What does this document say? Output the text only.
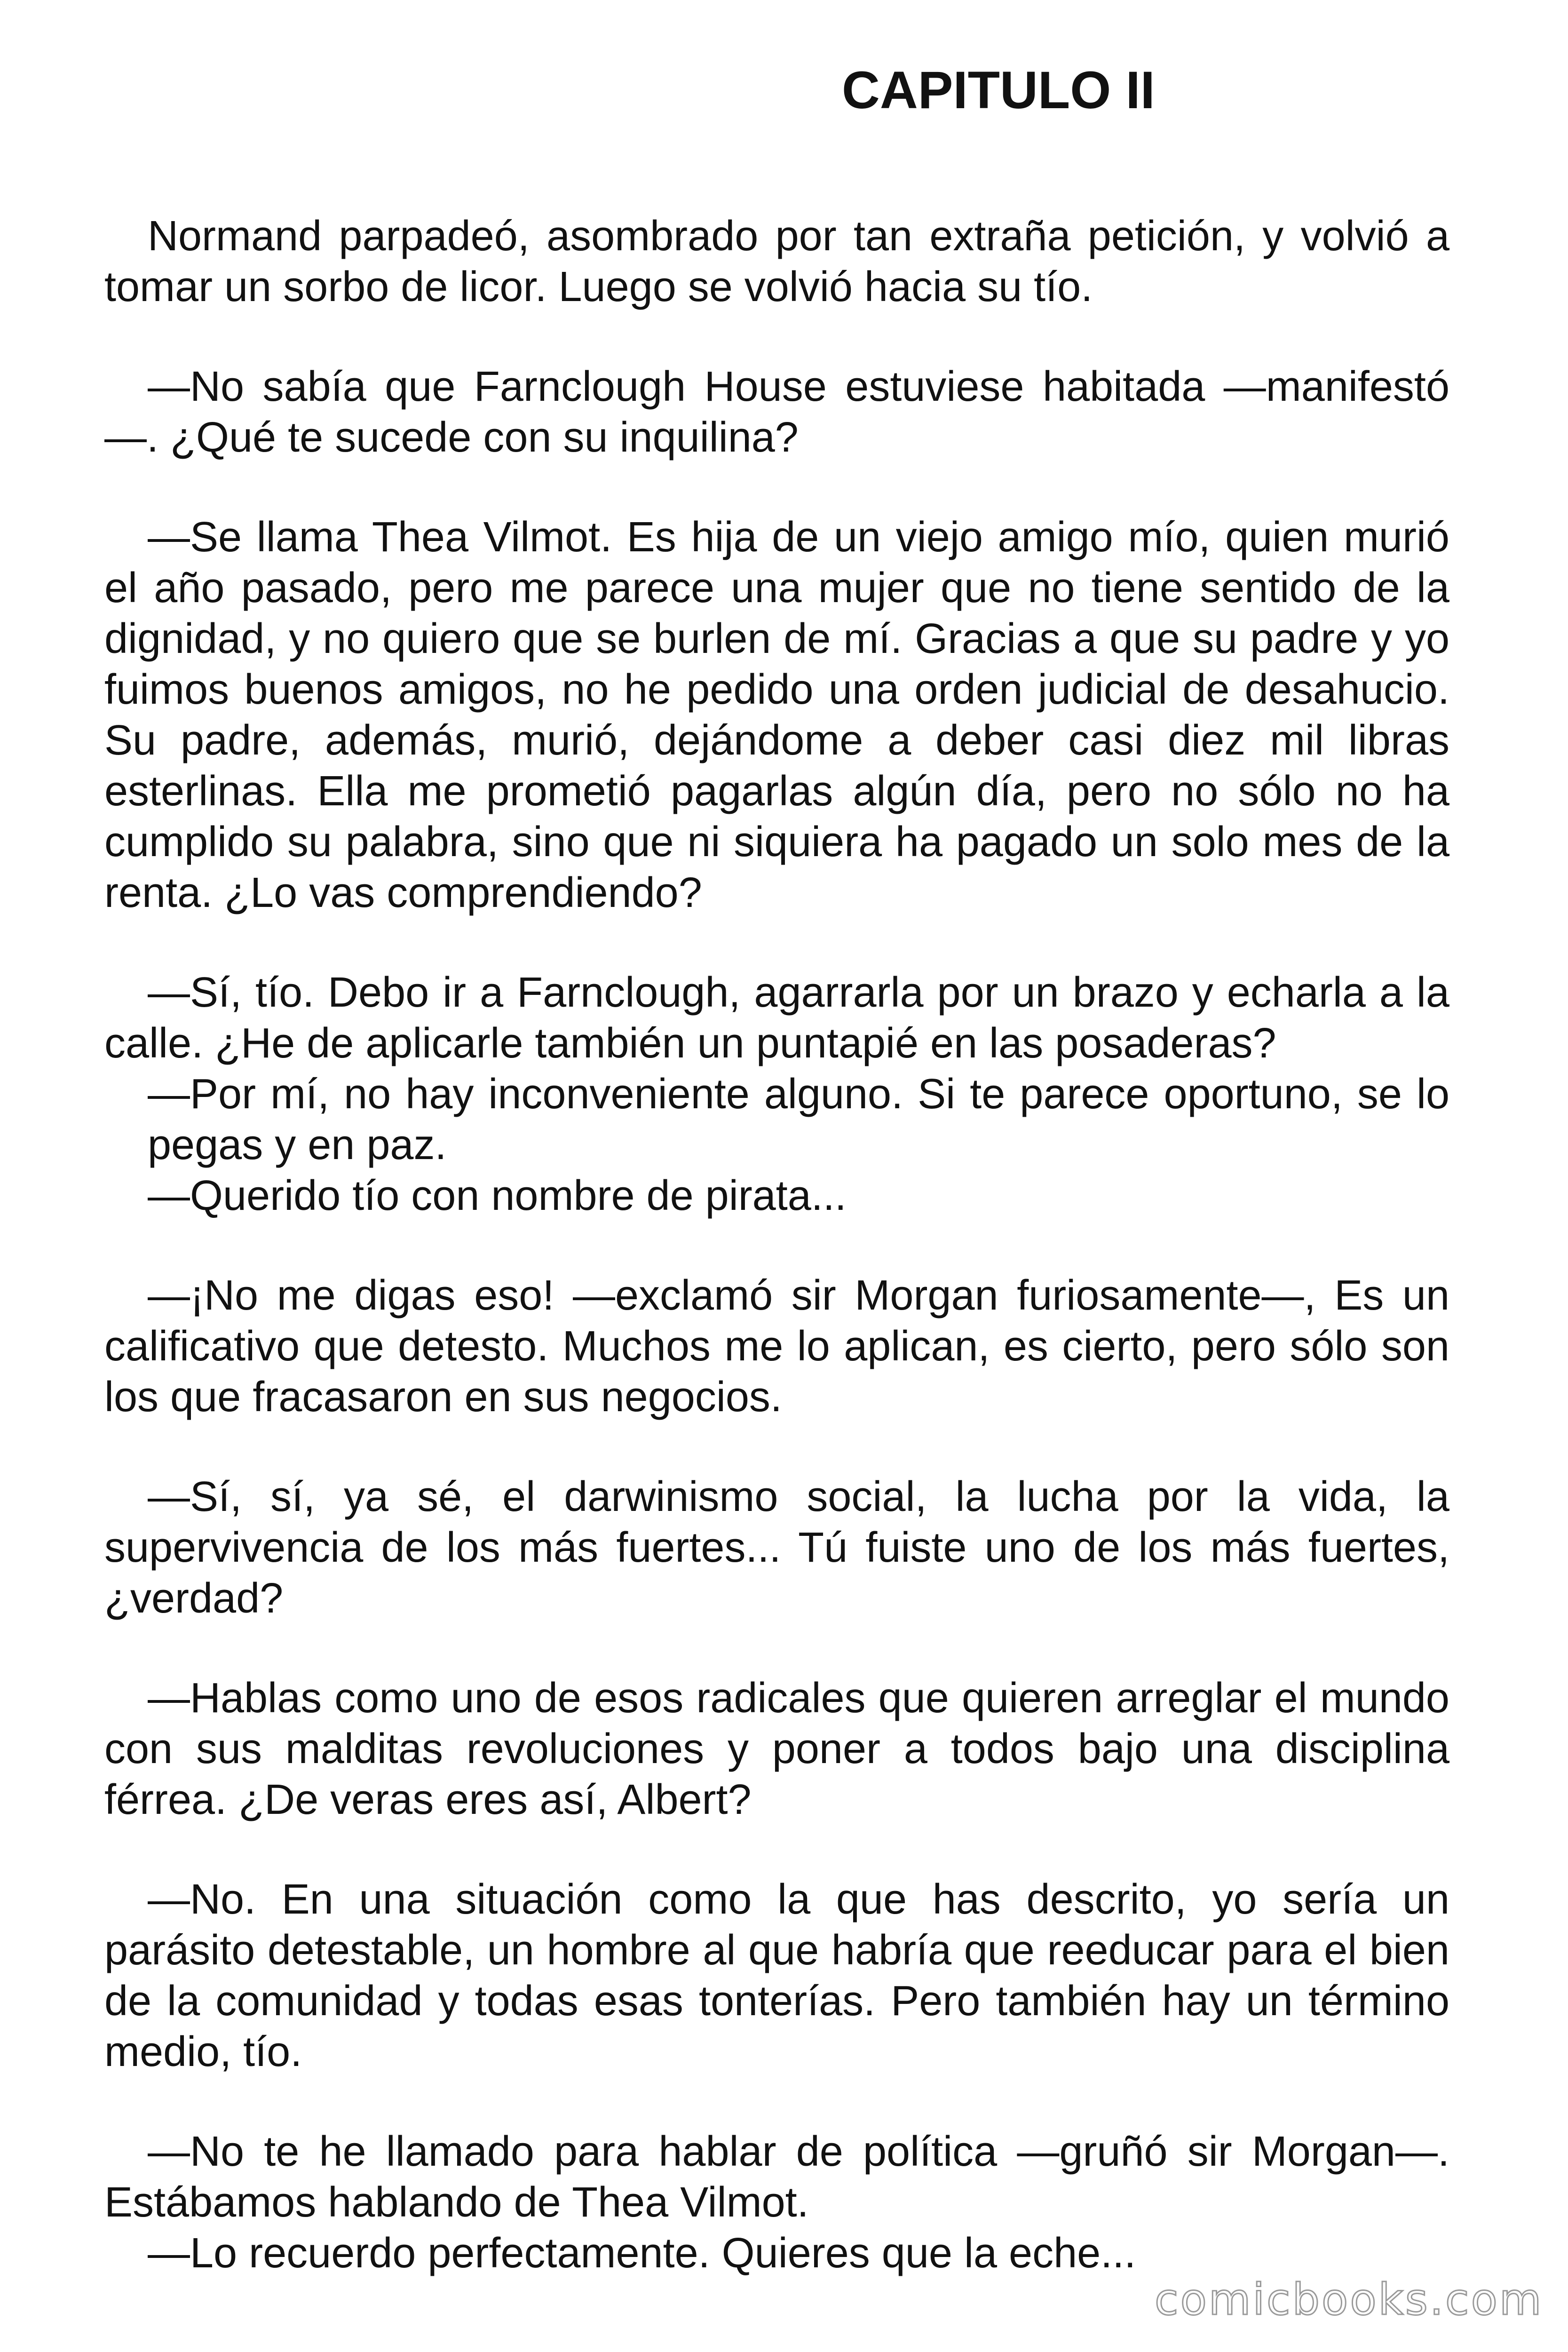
CAPITULO II

Normand parpadeó, asombrado por tan extraña petición, y volvió a tomar un sorbo de licor. Luego se volvió hacia su tío.

—No sabía que Farnclough House estuviese habitada —manifestó —. ¿Qué te sucede con su inquilina?

—Se llama Thea Vilmot. Es hija de un viejo amigo mío, quien murió el año pasado, pero me parece una mujer que no tiene sentido de la dignidad, y no quiero que se burlen de mí. Gracias a que su padre y yo fuimos buenos amigos, no he pedido una orden judicial de desahucio. Su padre, además, murió, dejándome a deber casi diez mil libras esterlinas. Ella me prometió pagarlas algún día, pero no sólo no ha cumplido su palabra, sino que ni siquiera ha pagado un solo mes de la renta. ¿Lo vas comprendiendo?

—Sí, tío. Debo ir a Farnclough, agarrarla por un brazo y echarla a la calle. ¿He de aplicarle también un puntapié en las posaderas?

—Por mí, no hay inconveniente alguno. Si te parece oportuno, se lo pegas y en paz.

—Querido tío con nombre de pirata...

—¡No me digas eso! —exclamó sir Morgan furiosamente—, Es un calificativo que detesto. Muchos me lo aplican, es cierto, pero sólo son los que fracasaron en sus negocios.

—Sí, sí, ya sé, el darwinismo social, la lucha por la vida, la supervivencia de los más fuertes... Tú fuiste uno de los más fuertes, ¿verdad?

—Hablas como uno de esos radicales que quieren arreglar el mundo con sus malditas revoluciones y poner a todos bajo una disciplina férrea. ¿De veras eres así, Albert?

—No. En una situación como la que has descrito, yo sería un parásito detestable, un hombre al que habría que reeducar para el bien de la comunidad y todas esas tonterías. Pero también hay un término medio, tío.

—No te he llamado para hablar de política —gruñó sir Morgan—. Estábamos hablando de Thea Vilmot.

—Lo recuerdo perfectamente. Quieres que la eche...

comicbooks.com
